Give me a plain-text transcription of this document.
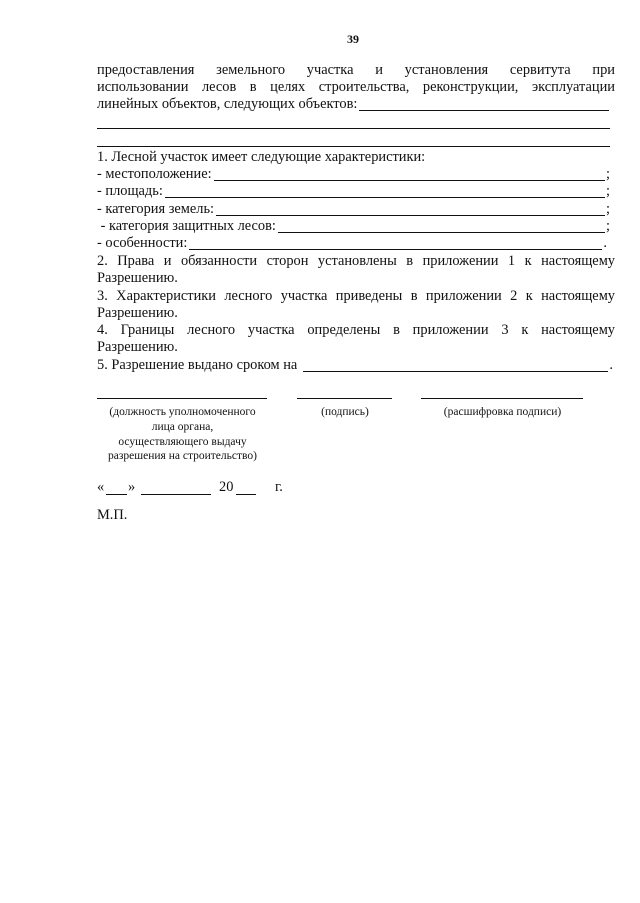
39
предоставления земельного участка и установления сервитута при
использовании лесов в целях строительства, реконструкции, эксплуатации
линейных объектов, следующих объектов:
1. Лесной участок имеет следующие характеристики:
- местоположение:	;
- площадь:	;
- категория земель:	;
- категория защитных лесов:	;
- особенности:	.
2. Права и обязанности сторон установлены в приложении 1 к настоящему
Разрешению.
3. Характеристики лесного участка приведены в приложении 2 к настоящему
Разрешению.
4. Границы лесного участка определены в приложении 3 к настоящему
Разрешению.
5. Разрешение выдано сроком на	.
(должность уполномоченного
лица органа,
осуществляющего выдачу
разрешения на строительство)
(подпись)	(расшифровка подписи)
« »	20	г.
М.П.
